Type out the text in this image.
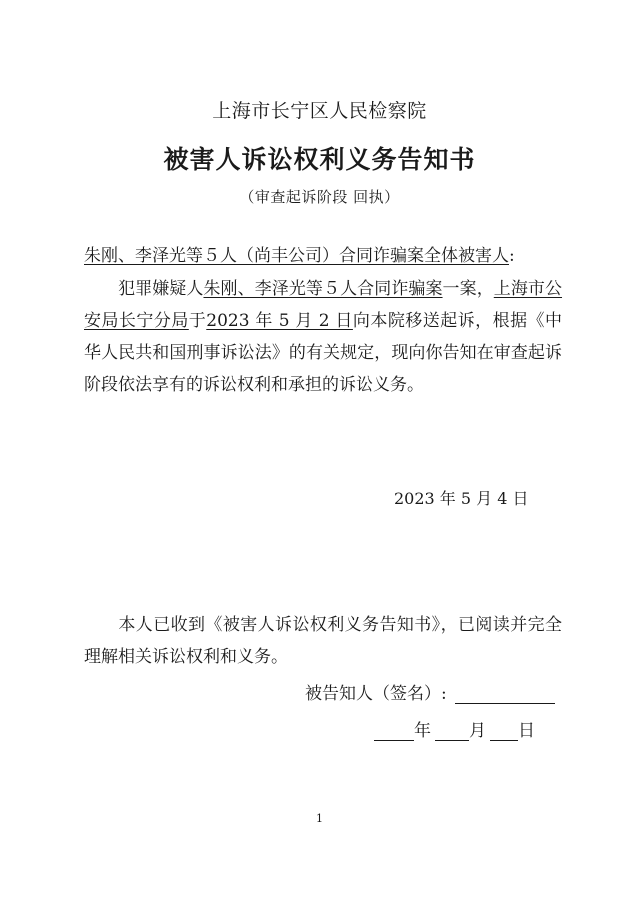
上海市长宁区人民检察院
被害人诉讼权利义务告知书
（审查起诉阶段 回执）
朱刚、李泽光等５人（尚丰公司）合同诈骗案全体被害人:
犯罪嫌疑人朱刚、李泽光等５人合同诈骗案一案，上海市公安局长宁分局于2023 年 5 月 2 日向本院移送起诉，根据《中华人民共和国刑事诉讼法》的有关规定，现向你告知在审查起诉阶段依法享有的诉讼权利和承担的诉讼义务。
2023 年 5 月 4 日
本人已收到《被害人诉讼权利义务告知书》，已阅读并完全理解相关诉讼权利和义务。
被告知人（签名）:
年 月 日
1
